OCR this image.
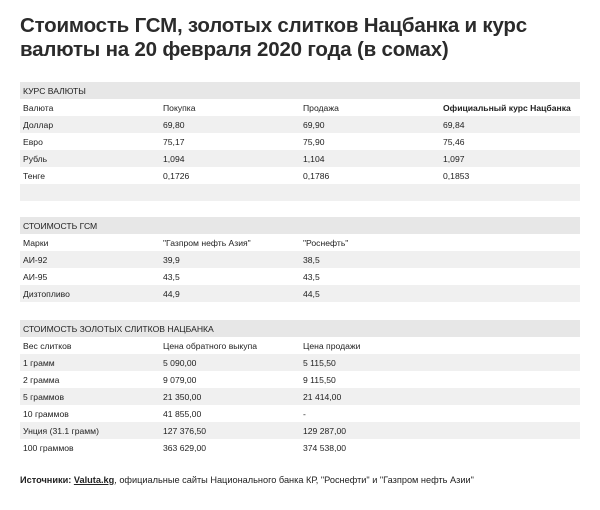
Стоимость ГСМ, золотых слитков Нацбанка и курс валюты на 20 февраля 2020 года (в сомах)
КУРС ВАЛЮТЫ			
Валюта	Покупка	Продажа	Официальный курс Нацбанка
Доллар	69,80	69,90	69,84
Евро	75,17	75,90	75,46
Рубль	1,094	1,104	1,097
Тенге	0,1726	0,1786	0,1853

СТОИМОСТЬ ГСМ			
Марки	"Газпром нефть Азия"	"Роснефть"	
АИ-92	39,9	38,5	
АИ-95	43,5	43,5	
Дизтопливо	44,9	44,5	
СТОИМОСТЬ ЗОЛОТЫХ СЛИТКОВ НАЦБАНКА			
Вес слитков	Цена обратного выкупа	Цена продажи	
1 грамм	5 090,00	5 115,50	
2 грамма	9 079,00	9 115,50	
5 граммов	21 350,00	21 414,00	
10 граммов	41 855,00	-	
Унция (31.1 грамм)	127 376,50	129 287,00	
100 граммов	363 629,00	374 538,00	
Источники: Valuta.kg, официальные сайты Национального банка КР, "Роснефти" и "Газпром нефть Азии"
